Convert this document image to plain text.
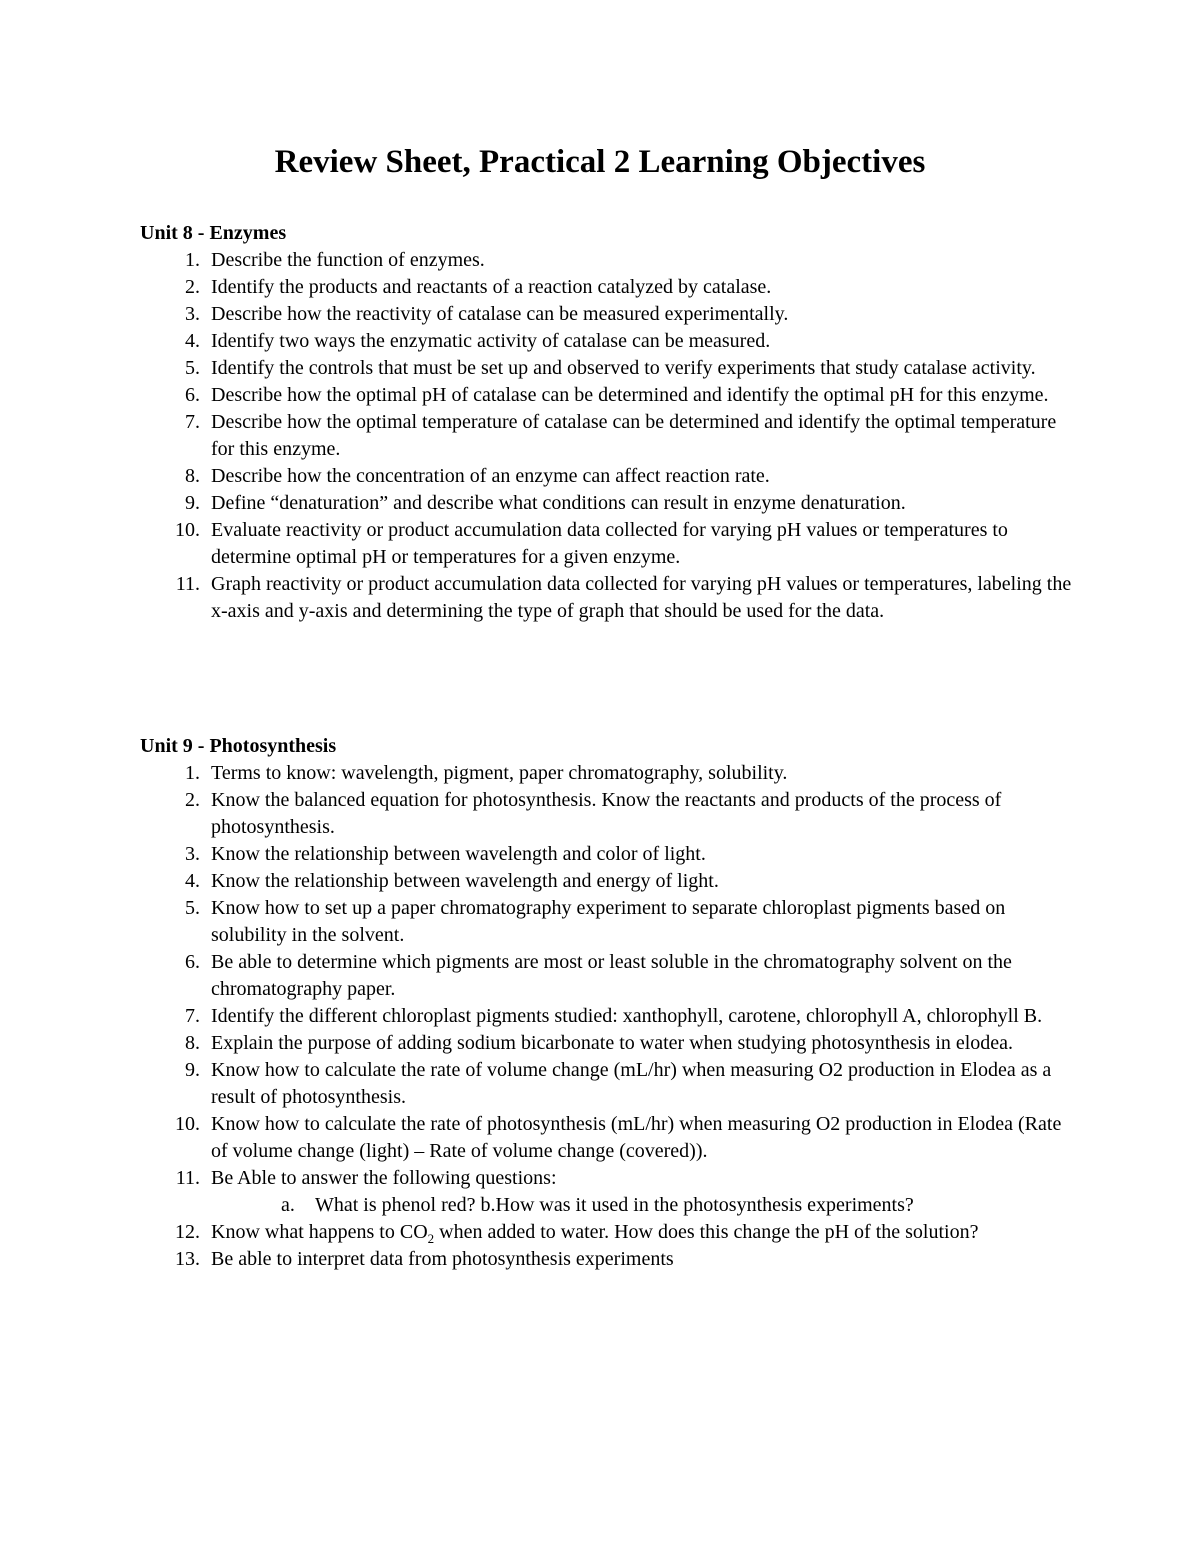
Review Sheet, Practical 2 Learning Objectives

Unit 8 - Enzymes

1. Describe the function of enzymes.
2. Identify the products and reactants of a reaction catalyzed by catalase.
3. Describe how the reactivity of catalase can be measured experimentally.
4. Identify two ways the enzymatic activity of catalase can be measured.
5. Identify the controls that must be set up and observed to verify experiments that study catalase activity.
6. Describe how the optimal pH of catalase can be determined and identify the optimal pH for this enzyme.
7. Describe how the optimal temperature of catalase can be determined and identify the optimal temperature for this enzyme.
8. Describe how the concentration of an enzyme can affect reaction rate.
9. Define “denaturation” and describe what conditions can result in enzyme denaturation.
10. Evaluate reactivity or product accumulation data collected for varying pH values or temperatures to determine optimal pH or temperatures for a given enzyme.
11. Graph reactivity or product accumulation data collected for varying pH values or temperatures, labeling the x-axis and y-axis and determining the type of graph that should be used for the data.

Unit 9 - Photosynthesis

1. Terms to know: wavelength, pigment, paper chromatography, solubility.
2. Know the balanced equation for photosynthesis. Know the reactants and products of the process of photosynthesis.
3. Know the relationship between wavelength and color of light.
4. Know the relationship between wavelength and energy of light.
5. Know how to set up a paper chromatography experiment to separate chloroplast pigments based on solubility in the solvent.
6. Be able to determine which pigments are most or least soluble in the chromatography solvent on the chromatography paper.
7. Identify the different chloroplast pigments studied: xanthophyll, carotene, chlorophyll A, chlorophyll B.
8. Explain the purpose of adding sodium bicarbonate to water when studying photosynthesis in elodea.
9. Know how to calculate the rate of volume change (mL/hr) when measuring O2 production in Elodea as a result of photosynthesis.
10. Know how to calculate the rate of photosynthesis (mL/hr) when measuring O2 production in Elodea (Rate of volume change (light) – Rate of volume change (covered)).
11. Be Able to answer the following questions:
a. What is phenol red? b.How was it used in the photosynthesis experiments?
12. Know what happens to $CO_2$ when added to water. How does this change the pH of the solution?
13. Be able to interpret data from photosynthesis experiments
